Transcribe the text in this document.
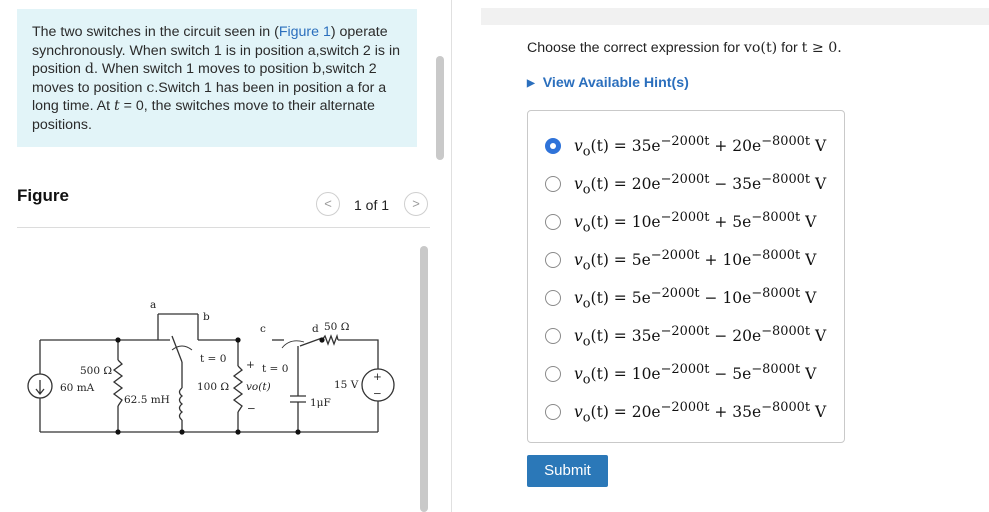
The two switches in the circuit seen in (Figure 1) operate synchronously. When switch 1 is in position a,switch 2 is in position d. When switch 1 moves to position b,switch 2 moves to position c.Switch 1 has been in position a for a long time. At t = 0, the switches move to their alternate positions.

Figure	<	1 of 1	>
a
b
c	d
500 Ω
60 mA
62.5 mH
t = 0
t = 0
100 Ω
+
vo(t)
−
15 V
1μF
50 Ω
+
−
Choose the correct expression for vo(t) for t ≥ 0.
▶ View Available Hint(s)
$v_o(t) = 35e^{-2000t} + 20e^{-8000t}$ V
$v_o(t) = 20e^{-2000t} - 35e^{-8000t}$ V
$v_o(t) = 10e^{-2000t} + 5e^{-8000t}$ V
$v_o(t) = 5e^{-2000t} + 10e^{-8000t}$ V
$v_o(t) = 5e^{-2000t} - 10e^{-8000t}$ V
$v_o(t) = 35e^{-2000t} - 20e^{-8000t}$ V
$v_o(t) = 10e^{-2000t} - 5e^{-8000t}$ V
$v_o(t) = 20e^{-2000t} + 35e^{-8000t}$ V
Submit
